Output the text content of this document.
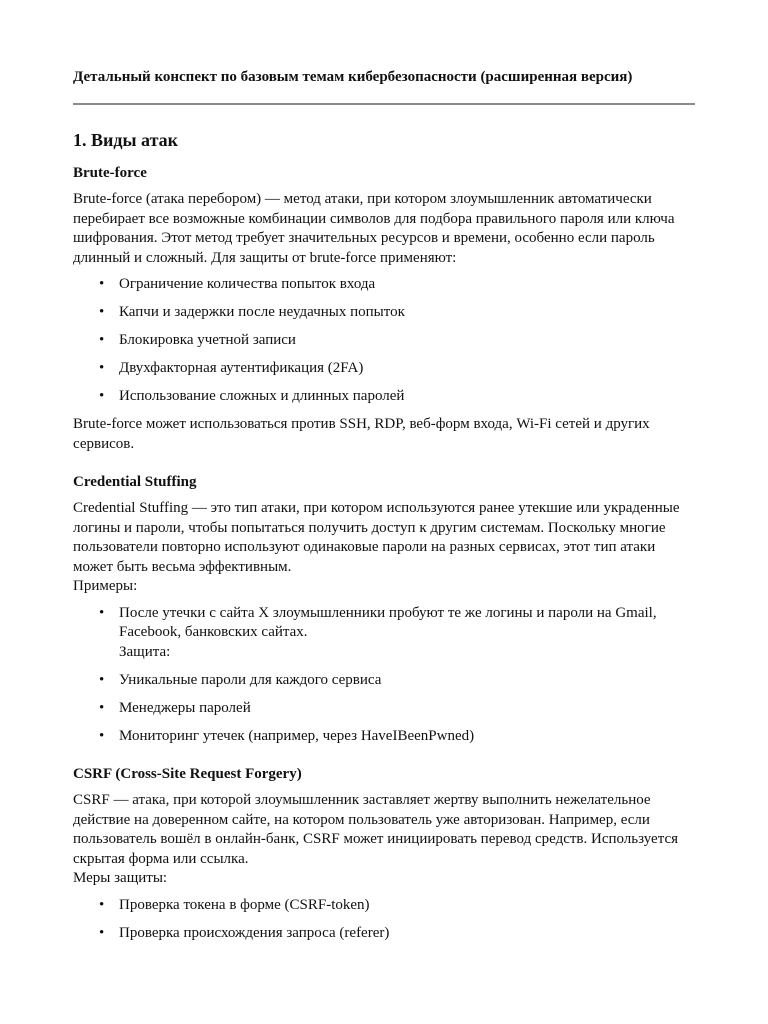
Детальный конспект по базовым темам кибербезопасности (расширенная версия)
1. Виды атак
Brute-force

Brute-force (атака перебором) — метод атаки, при котором злоумышленник автоматически перебирает все возможные комбинации символов для подбора правильного пароля или ключа шифрования. Этот метод требует значительных ресурсов и времени, особенно если пароль длинный и сложный. Для защиты от brute-force применяют:

• Ограничение количества попыток входа
• Капчи и задержки после неудачных попыток
• Блокировка учетной записи
• Двухфакторная аутентификация (2FA)
• Использование сложных и длинных паролей

Brute-force может использоваться против SSH, RDP, веб-форм входа, Wi-Fi сетей и других сервисов.

Credential Stuffing

Credential Stuffing — это тип атаки, при котором используются ранее утекшие или украденные логины и пароли, чтобы попытаться получить доступ к другим системам. Поскольку многие пользователи повторно используют одинаковые пароли на разных сервисах, этот тип атаки может быть весьма эффективным.

Примеры:

• После утечки с сайта X злоумышленники пробуют те же логины и пароли на Gmail, Facebook, банковских сайтах.
Защита:
• Уникальные пароли для каждого сервиса
• Менеджеры паролей
• Мониторинг утечек (например, через HaveIBeenPwned)
CSRF (Cross-Site Request Forgery)

CSRF — атака, при которой злоумышленник заставляет жертву выполнить нежелательное действие на доверенном сайте, на котором пользователь уже авторизован. Например, если пользователь вошёл в онлайн-банк, CSRF может инициировать перевод средств. Используется скрытая форма или ссылка.

Меры защиты:

• Проверка токена в форме (CSRF-token)
• Проверка происхождения запроса (referer)
